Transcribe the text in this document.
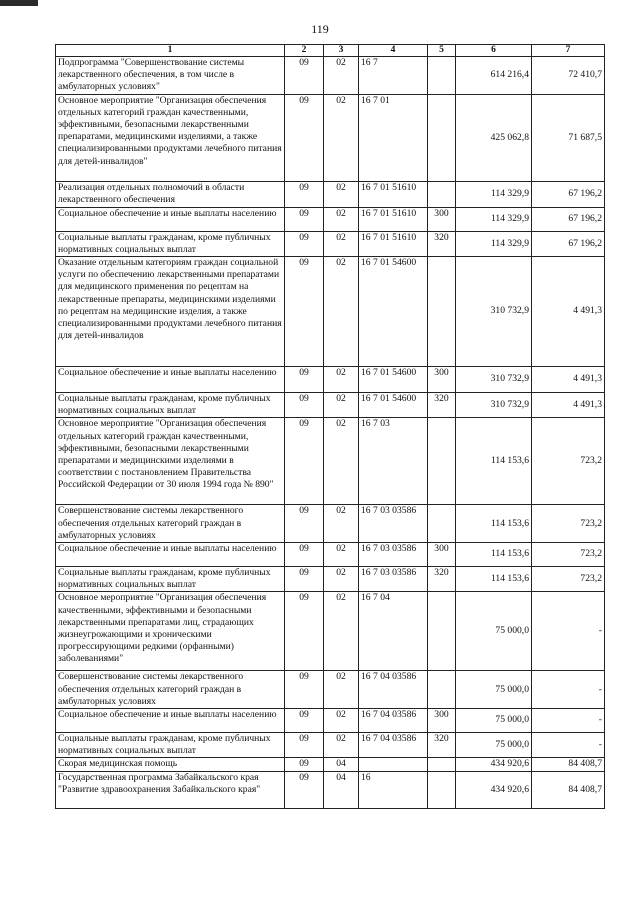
119
1	2	3	4	5	6	7
Подпрограмма "Совершенствование системы лекарственного обеспечения, в том числе в амбулаторных условиях"	09	02	16 7		614 216,4	72 410,7
Основное мероприятие "Организация обеспечения отдельных категорий граждан качественными, эффективными, безопасными лекарственными препаратами, медицинскими изделиями, а также специализированными продуктами лечебного питания для детей-инвалидов"	09	02	16 7 01		425 062,8	71 687,5
Реализация отдельных полномочий в области лекарственного обеспечения	09	02	16 7 01 51610		114 329,9	67 196,2
Социальное обеспечение и иные выплаты населению	09	02	16 7 01 51610	300	114 329,9	67 196,2
Социальные выплаты гражданам, кроме публичных нормативных социальных выплат	09	02	16 7 01 51610	320	114 329,9	67 196,2
Оказание отдельным категориям граждан социальной услуги по обеспечению лекарственными препаратами для медицинского применения по рецептам на лекарственные препараты, медицинскими изделиями по рецептам на медицинские изделия, а также специализированными продуктами лечебного питания для детей-инвалидов	09	02	16 7 01 54600		310 732,9	4 491,3
Социальное обеспечение и иные выплаты населению	09	02	16 7 01 54600	300	310 732,9	4 491,3
Социальные выплаты гражданам, кроме публичных нормативных социальных выплат	09	02	16 7 01 54600	320	310 732,9	4 491,3
Основное мероприятие "Организация обеспечения отдельных категорий граждан качественными, эффективными, безопасными лекарственными препаратами и медицинскими изделиями в соответствии с постановлением Правительства Российской Федерации от 30 июля 1994 года № 890"	09	02	16 7 03		114 153,6	723,2
Совершенствование системы лекарственного обеспечения отдельных категорий граждан в амбулаторных условиях	09	02	16 7 03 03586		114 153,6	723,2
Социальное обеспечение и иные выплаты населению	09	02	16 7 03 03586	300	114 153,6	723,2
Социальные выплаты гражданам, кроме публичных нормативных социальных выплат	09	02	16 7 03 03586	320	114 153,6	723,2
Основное мероприятие "Организация обеспечения качественными, эффективными и безопасными лекарственными препаратами лиц, страдающих жизнеугрожающими и хроническими прогрессирующими редкими (орфанными) заболеваниями"	09	02	16 7 04		75 000,0	-
Совершенствование системы лекарственного обеспечения отдельных категорий граждан в амбулаторных условиях	09	02	16 7 04 03586		75 000,0	-
Социальное обеспечение и иные выплаты населению	09	02	16 7 04 03586	300	75 000,0	-
Социальные выплаты гражданам, кроме публичных нормативных социальных выплат	09	02	16 7 04 03586	320	75 000,0	-
Скорая медицинская помощь	09	04			434 920,6	84 408,7
Государственная программа Забайкальского края "Развитие здравоохранения Забайкальского края"	09	04	16		434 920,6	84 408,7
